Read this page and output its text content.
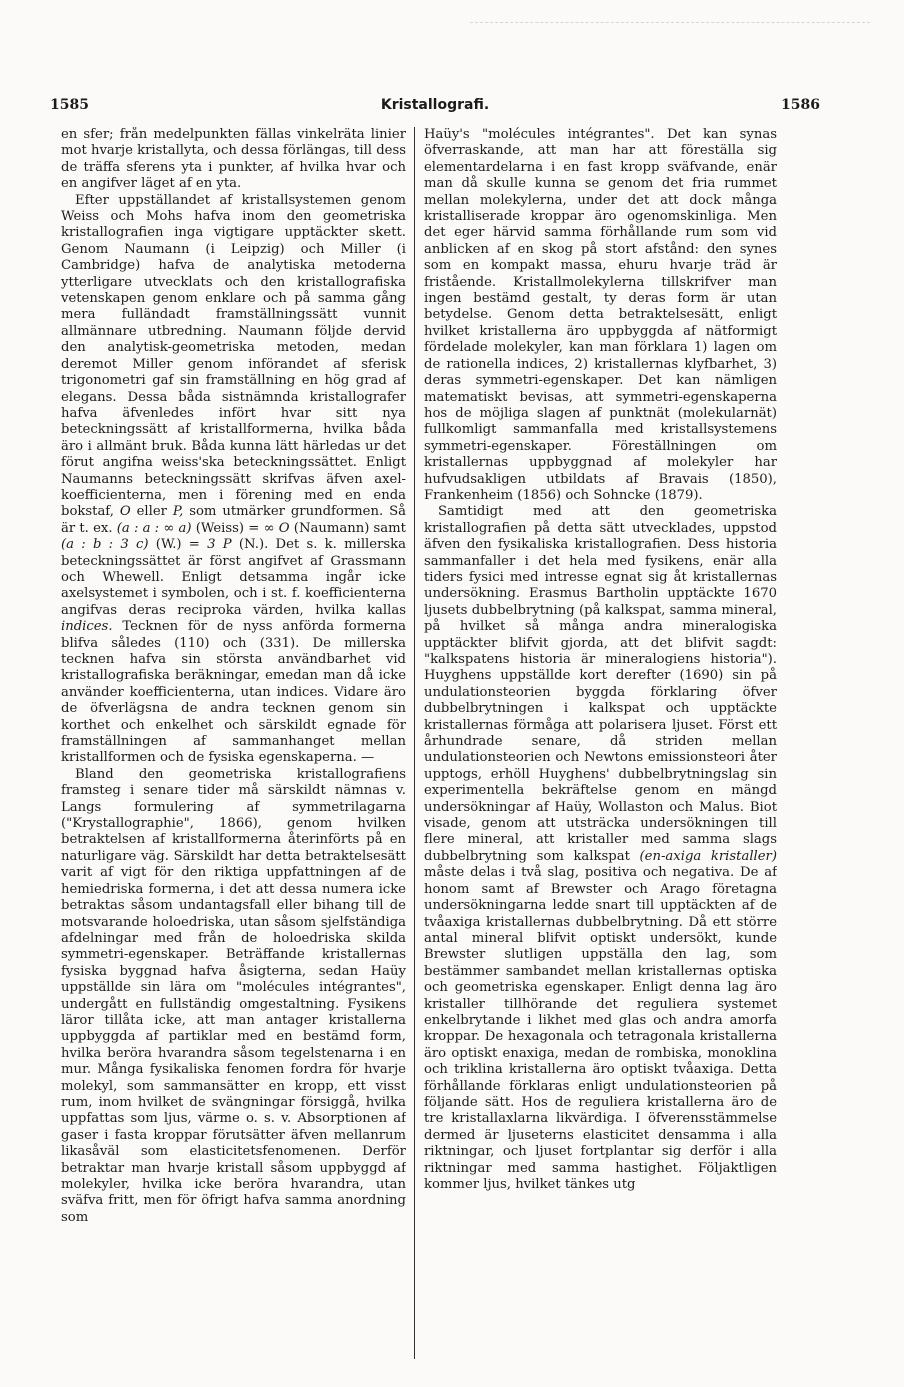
Kristallografi.
1585	1586

en sfer; från medelpunkten fällas vinkelräta linier mot hvarje kristallyta, och dessa förlängas, till dess de träffa sferens yta i punkter, af hvilka hvar och en angifver läget af en yta.

Efter uppställandet af kristallsystemen genom Weiss och Mohs hafva inom den geometriska kristallografien inga vigtigare upptäckter skett. Genom Naumann (i Leipzig) och Miller (i Cambridge) hafva de analytiska metoderna ytterligare utvecklats och den kristallografiska vetenskapen genom enklare och på samma gång mera fulländadt framställningssätt vunnit allmännare utbredning. Naumann följde dervid den analytisk-geometriska metoden, medan deremot Miller genom införandet af sferisk trigonometri gaf sin framställning en hög grad af elegans. Dessa båda sistnämnda kristallografer hafva äfvenledes infört hvar sitt nya beteckningssätt af kristallformerna, hvilka båda äro i allmänt bruk. Båda kunna lätt härledas ur det förut angifna weiss'ska beteckningssättet. Enligt Naumanns beteckningssätt skrifvas äfven axel-koefficienterna, men i förening med en enda bokstaf, O eller P, som utmärker grundformen. Så är t. ex. (a : a : ∞ a) (Weiss) = ∞ O (Naumann) samt (a : b : 3 c) (W.) = 3 P (N.). Det s. k. millerska beteckningssättet är först angifvet af Grassmann och Whewell. Enligt detsamma ingår icke axelsystemet i symbolen, och i st. f. koefficienterna angifvas deras reciproka värden, hvilka kallas indices. Tecknen för de nyss anförda formerna blifva således (110) och (331). De millerska tecknen hafva sin största användbarhet vid kristallografiska beräkningar, emedan man då icke använder koefficienterna, utan indices. Vidare äro de öfverlägsna de andra tecknen genom sin korthet och enkelhet och särskildt egnade för framställningen af sammanhanget mellan kristallformen och de fysiska egenskaperna. —

Bland den geometriska kristallografiens framsteg i senare tider må särskildt nämnas v. Langs formulering af symmetrilagarna ("Krystallographie", 1866), genom hvilken betraktelsen af kristallformerna återinförts på en naturligare väg. Särskildt har detta betraktelsesätt varit af vigt för den riktiga uppfattningen af de hemiedriska formerna, i det att dessa numera icke betraktas såsom undantagsfall eller bihang till de motsvarande holoedriska, utan såsom sjelfständiga afdelningar med från de holoedriska skilda symmetri-egenskaper. Beträffande kristallernas fysiska byggnad hafva åsigterna, sedan Haüy uppställde sin lära om "molécules intégrantes", undergått en fullständig omgestaltning. Fysikens läror tillåta icke, att man antager kristallerna uppbyggda af partiklar med en bestämd form, hvilka beröra hvarandra såsom tegelstenarna i en mur. Många fysikaliska fenomen fordra för hvarje molekyl, som sammansätter en kropp, ett visst rum, inom hvilket de svängningar försiggå, hvilka uppfattas som ljus, värme o. s. v. Absorptionen af gaser i fasta kroppar förutsätter äfven mellanrum likasåväl som elasticitetsfenomenen. Derför betraktar man hvarje kristall såsom uppbyggd af molekyler, hvilka icke beröra hvarandra, utan sväfva fritt, men för öfrigt hafva samma anordning som

Haüy's "molécules intégrantes". Det kan synas öfverraskande, att man har att föreställa sig elementardelarna i en fast kropp sväfvande, enär man då skulle kunna se genom det fria rummet mellan molekylerna, under det att dock många kristalliserade kroppar äro ogenomskinliga. Men det eger härvid samma förhållande rum som vid anblicken af en skog på stort afstånd: den synes som en kompakt massa, ehuru hvarje träd är fristående. Kristallmolekylerna tillskrifver man ingen bestämd gestalt, ty deras form är utan betydelse. Genom detta betraktelsesätt, enligt hvilket kristallerna äro uppbyggda af nätformigt fördelade molekyler, kan man förklara 1) lagen om de rationella indices, 2) kristallernas klyfbarhet, 3) deras symmetri-egenskaper. Det kan nämligen matematiskt bevisas, att symmetri-egenskaperna hos de möjliga slagen af punktnät (molekularnät) fullkomligt sammanfalla med kristallsystemens symmetri-egenskaper. Föreställningen om kristallernas uppbyggnad af molekyler har hufvudsakligen utbildats af Bravais (1850), Frankenheim (1856) och Sohncke (1879).

Samtidigt med att den geometriska kristallografien på detta sätt utvecklades, uppstod äfven den fysikaliska kristallografien. Dess historia sammanfaller i det hela med fysikens, enär alla tiders fysici med intresse egnat sig åt kristallernas undersökning. Erasmus Bartholin upptäckte 1670 ljusets dubbelbrytning (på kalkspat, samma mineral, på hvilket så många andra mineralogiska upptäckter blifvit gjorda, att det blifvit sagdt: "kalkspatens historia är mineralogiens historia"). Huyghens uppställde kort derefter (1690) sin på undulationsteorien byggda förklaring öfver dubbelbrytningen i kalkspat och upptäckte kristallernas förmåga att polarisera ljuset. Först ett århundrade senare, då striden mellan undulationsteorien och Newtons emissionsteori åter upptogs, erhöll Huyghens' dubbelbrytningslag sin experimentella bekräftelse genom en mängd undersökningar af Haüy, Wollaston och Malus. Biot visade, genom att utsträcka undersökningen till flere mineral, att kristaller med samma slags dubbelbrytning som kalkspat (en-axiga kristaller) måste delas i två slag, positiva och negativa. De af honom samt af Brewster och Arago företagna undersökningarna ledde snart till upptäckten af de tvåaxiga kristallernas dubbelbrytning. Då ett större antal mineral blifvit optiskt undersökt, kunde Brewster slutligen uppställa den lag, som bestämmer sambandet mellan kristallernas optiska och geometriska egenskaper. Enligt denna lag äro kristaller tillhörande det reguliera systemet enkelbrytande i likhet med glas och andra amorfa kroppar. De hexagonala och tetragonala kristallerna äro optiskt enaxiga, medan de rombiska, monoklina och triklina kristallerna äro optiskt tvåaxiga. Detta förhållande förklaras enligt undulationsteorien på följande sätt. Hos de reguliera kristallerna äro de tre kristallaxlarna likvärdiga. I öfverensstämmelse dermed är ljuseterns elasticitet densamma i alla riktningar, och ljuset fortplantar sig derför i alla riktningar med samma hastighet. Följaktligen kommer ljus, hvilket tänkes utg
